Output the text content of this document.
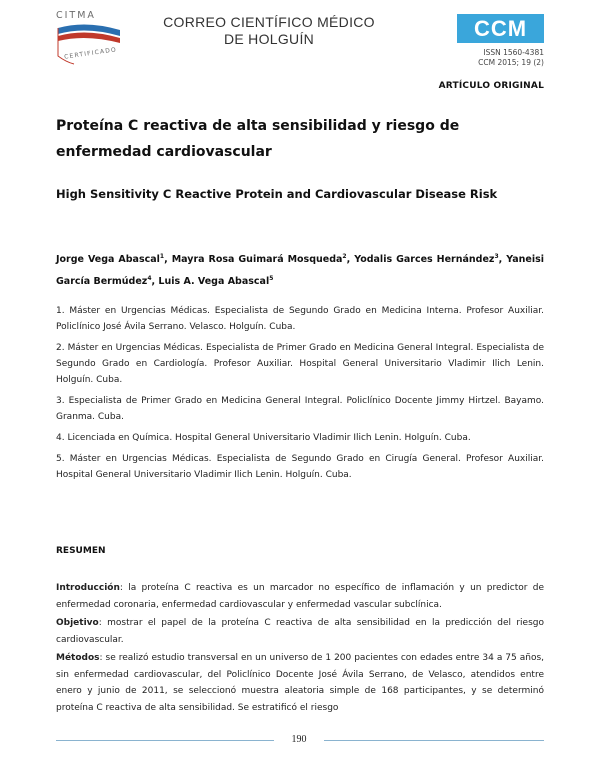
CITMA
CERTIFICADO
CORREO CIENTÍFICO MÉDICO
DE HOLGUÍN	CCM
ISSN 1560-4381
CCM 2015; 19 (2)
ARTÍCULO ORIGINAL
Proteína C reactiva de alta sensibilidad y riesgo de enfermedad cardiovascular
High Sensitivity C Reactive Protein and Cardiovascular Disease Risk
Jorge Vega Abascal$^1$, Mayra Rosa Guimará Mosqueda$^2$, Yodalis Garces Hernández$^3$, Yaneisi García Bermúdez$^4$, Luis A. Vega Abascal$^5$
1. Máster en Urgencias Médicas. Especialista de Segundo Grado en Medicina Interna. Profesor Auxiliar. Policlínico José Ávila Serrano. Velasco. Holguín. Cuba.
2. Máster en Urgencias Médicas. Especialista de Primer Grado en Medicina General Integral. Especialista de Segundo Grado en Cardiología. Profesor Auxiliar. Hospital General Universitario Vladimir Ilich Lenin. Holguín. Cuba.
3. Especialista de Primer Grado en Medicina General Integral. Policlínico Docente Jimmy Hirtzel. Bayamo. Granma. Cuba.
4. Licenciada en Química. Hospital General Universitario Vladimir Ilich Lenin. Holguín. Cuba.
5. Máster en Urgencias Médicas. Especialista de Segundo Grado en Cirugía General. Profesor Auxiliar. Hospital General Universitario Vladimir Ilich Lenin. Holguín. Cuba.
RESUMEN
Introducción: la proteína C reactiva es un marcador no específico de inflamación y un predictor de enfermedad coronaria, enfermedad cardiovascular y enfermedad vascular subclínica.
Objetivo: mostrar el papel de la proteína C reactiva de alta sensibilidad en la predicción del riesgo cardiovascular.
Métodos: se realizó estudio transversal en un universo de 1 200 pacientes con edades entre 34 a 75 años, sin enfermedad cardiovascular, del Policlínico Docente José Ávila Serrano, de Velasco, atendidos entre enero y junio de 2011, se seleccionó muestra aleatoria simple de 168 participantes, y se determinó proteína C reactiva de alta sensibilidad. Se estratificó el riesgo
190
